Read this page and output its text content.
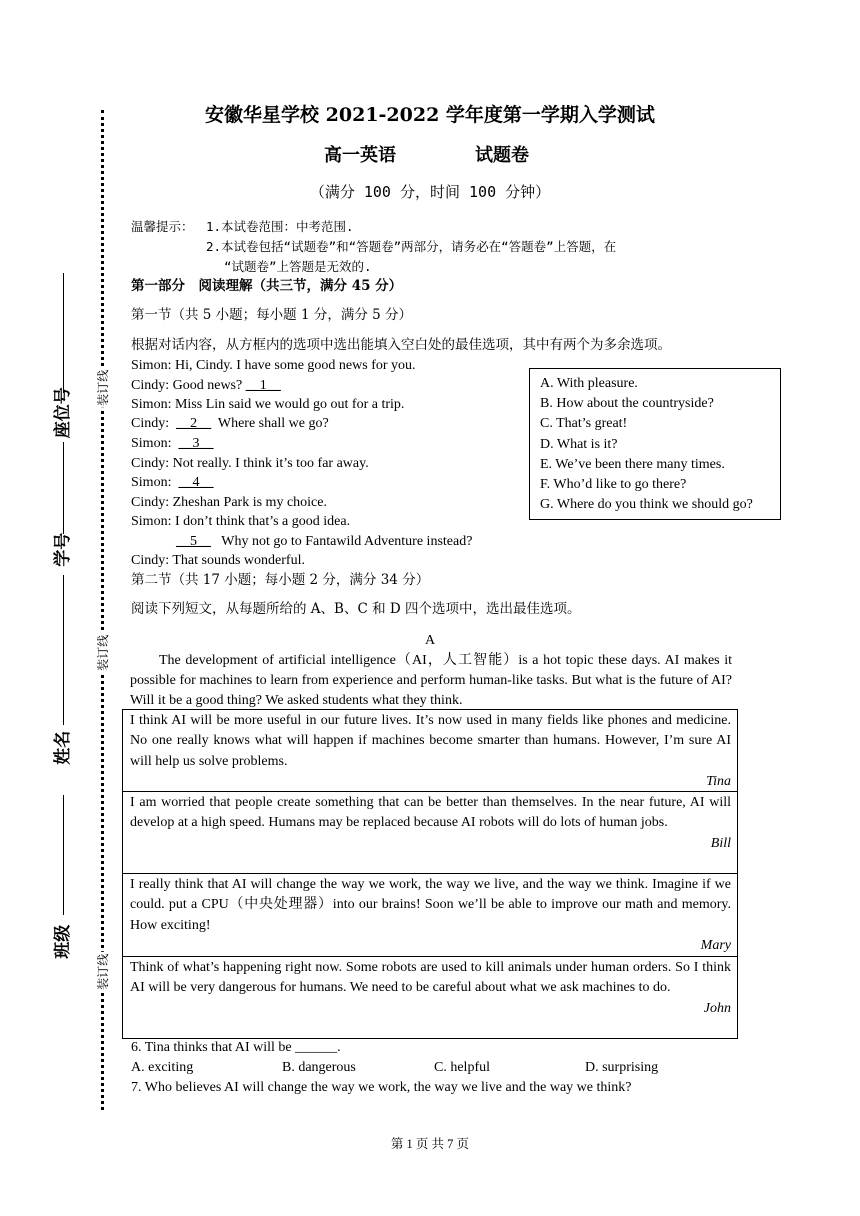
座位号
学号
姓名
班级
装订线
装订线
装订线
安徽华星学校 2021-2022 学年度第一学期入学测试
高一英语	试题卷
（满分 100 分，时间 100 分钟）
温馨提示： 1.本试卷范围：中考范围.
2.本试卷包括“试题卷”和“答题卷”两部分，请务必在“答题卷”上答题，在
“试题卷”上答题是无效的.
第一部分　阅读理解（共三节，满分 45 分）
第一节（共 5 小题；每小题 1 分，满分 5 分）
根据对话内容，从方框内的选项中选出能填入空白处的最佳选项，其中有两个为多余选项。
Simon: Hi, Cindy. I have some good news for you.
Cindy: Good news? __1__
Simon: Miss Lin said we would go out for a trip.
Cindy:  __2__  Where shall we go?
Simon:  __3__
Cindy: Not really. I think it’s too far away.
Simon:  __4__
Cindy: Zheshan Park is my choice.
Simon: I don’t think that’s a good idea.
__5__   Why not go to Fantawild Adventure instead?
Cindy: That sounds wonderful.
A. With pleasure.
B. How about the countryside?
C. That’s great!
D. What is it?
E. We’ve been there many times.
F. Who’d like to go there?
G. Where do you think we should go?
第二节（共 17 小题；每小题 2 分，满分 34 分）
阅读下列短文，从每题所给的 A、B、C 和 D 四个选项中，选出最佳选项。
A
The development of artificial intelligence（AI，人工智能）is a hot topic these days. AI makes it possible for machines to learn from experience and perform human-like tasks. But what is the future of AI? Will it be a good thing? We asked students what they think.

I think AI will be more useful in our future lives. It’s now used in many fields like phones and medicine. No one really knows what will happen if machines become smarter than humans. However, I’m sure AI will help us solve problems.

Tina

I am worried that people create something that can be better than themselves. In the near future, AI will develop at a high speed. Humans may be replaced because AI robots will do lots of human jobs.

Bill

I really think that AI will change the way we work, the way we live, and the way we think. Imagine if we could. put a CPU（中央处理器）into our brains! Soon we’ll be able to improve our math and memory. How exciting!

Mary

Think of what’s happening right now. Some robots are used to kill animals under human orders. So I think AI will be very dangerous for humans. We need to be careful about what we ask machines to do.

John

6. Tina thinks that AI will be ______.
A. exciting	B. dangerous	C. helpful	D. surprising
7. Who believes AI will change the way we work, the way we live and the way we think?
第 1 页 共 7 页
